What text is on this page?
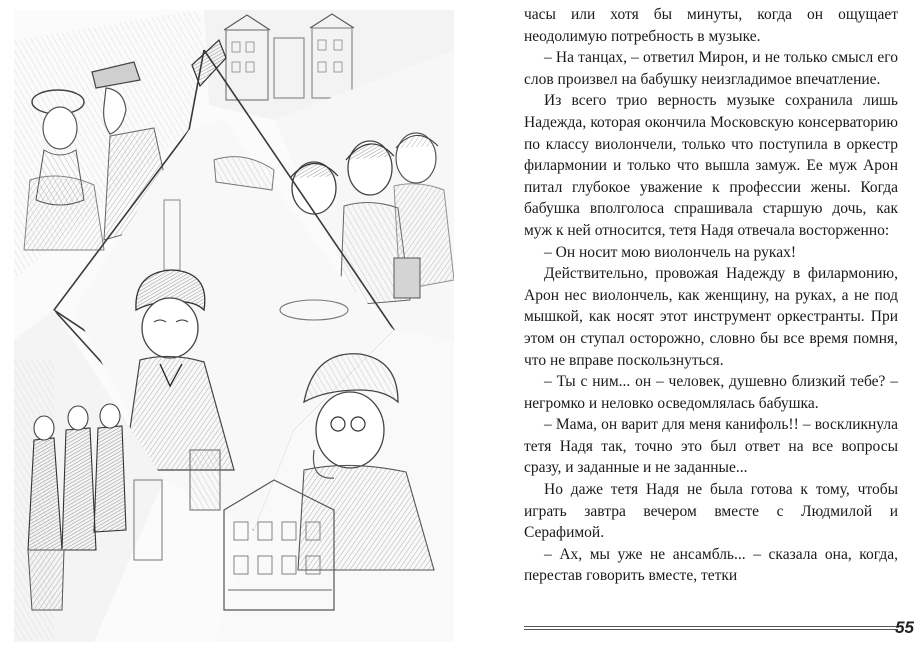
часы или хотя бы минуты, когда он ощущает неодолимую потребность в музыке.

– На танцах, – ответил Мирон, и не только смысл его слов произвел на бабушку неизгладимое впечатление.

Из всего трио верность музыке сохранила лишь Надежда, которая окончила Московскую консерваторию по классу виолончели, только что поступила в оркестр филармонии и только что вышла замуж. Ее муж Арон питал глубокое уважение к профессии жены. Когда бабушка вполголоса спрашивала старшую дочь, как муж к ней относится, тетя Надя отвечала восторженно:

– Он носит мою виолончель на руках!

Действительно, провожая Надежду в филармонию, Арон нес виолончель, как женщину, на руках, а не под мышкой, как носят этот инструмент оркестранты. При этом он ступал осторожно, словно бы все время помня, что не вправе поскользнуться.

– Ты с ним... он – человек, душевно близкий тебе? – негромко и неловко осведомлялась бабушка.

– Мама, он варит для меня канифоль!! – воскликнула тетя Надя так, точно это был ответ на все вопросы сразу, и заданные и не заданные...

Но даже тетя Надя не была готова к тому, чтобы играть завтра вечером вместе с Людмилой и Серафимой.

– Ах, мы уже не ансамбль... – сказала она, когда, перестав говорить вместе, тетки

55
